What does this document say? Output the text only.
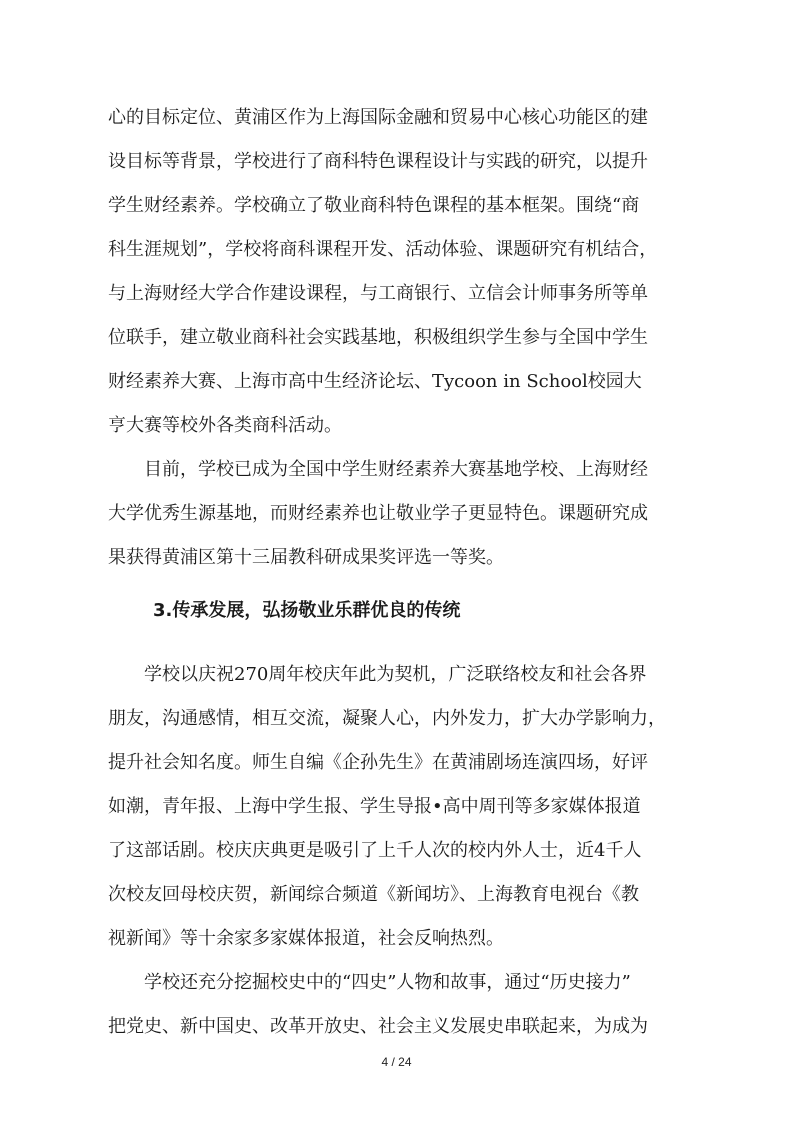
心的目标定位、黄浦区作为上海国际金融和贸易中心核心功能区的建
设目标等背景，学校进行了商科特色课程设计与实践的研究，以提升
学生财经素养。学校确立了敬业商科特色课程的基本框架。围绕“商
科生涯规划”，学校将商科课程开发、活动体验、课题研究有机结合，
与上海财经大学合作建设课程，与工商银行、立信会计师事务所等单
位联手，建立敬业商科社会实践基地，积极组织学生参与全国中学生
财经素养大赛、上海市高中生经济论坛、Tycoon in School校园大
亨大赛等校外各类商科活动。
　　目前，学校已成为全国中学生财经素养大赛基地学校、上海财经
大学优秀生源基地，而财经素养也让敬业学子更显特色。课题研究成
果获得黄浦区第十三届教科研成果奖评选一等奖。
3.传承发展，弘扬敬业乐群优良的传统
　　学校以庆祝270周年校庆年此为契机，广泛联络校友和社会各界
朋友，沟通感情，相互交流，凝聚人心，内外发力，扩大办学影响力，
提升社会知名度。师生自编《企孙先生》在黄浦剧场连演四场，好评
如潮，青年报、上海中学生报、学生导报•高中周刊等多家媒体报道
了这部话剧。校庆庆典更是吸引了上千人次的校内外人士，近4千人
次校友回母校庆贺，新闻综合频道《新闻坊》、上海教育电视台《教
视新闻》等十余家多家媒体报道，社会反响热烈。
　　学校还充分挖掘校史中的“四史”人物和故事，通过“历史接力”
把党史、新中国史、改革开放史、社会主义发展史串联起来，为成为
4 / 24
